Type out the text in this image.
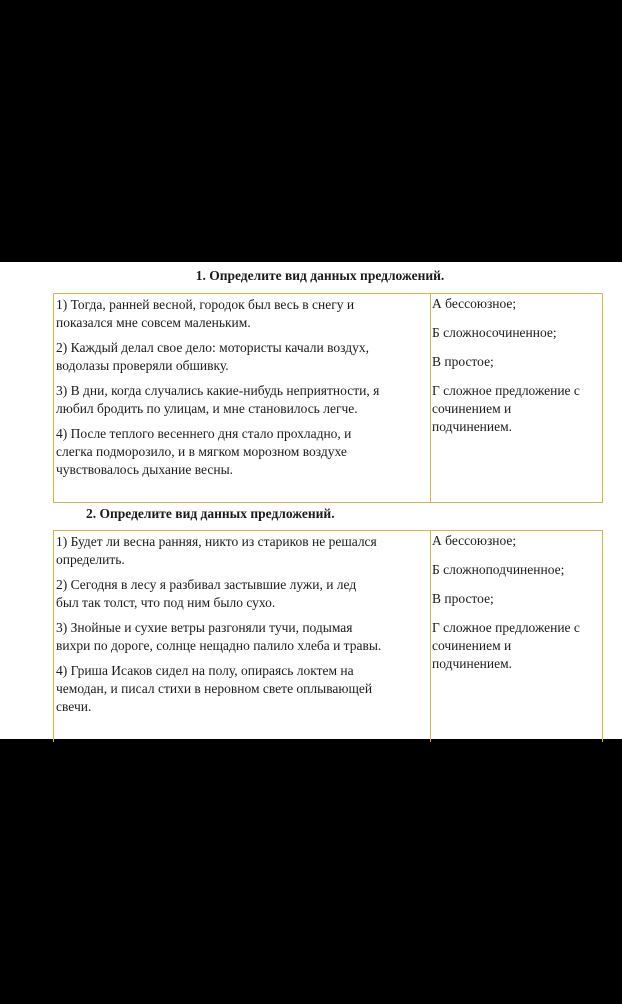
1. Определите вид данных предложений.
1) Тогда, ранней весной, городок был весь в снегу и
показался мне совсем маленьким.
2) Каждый делал свое дело: мотористы качали воздух,
водолазы проверяли обшивку.
3) В дни, когда случались какие-нибудь неприятности, я
любил бродить по улицам, и мне становилось легче.
4) После теплого весеннего дня стало прохладно, и
слегка подморозило, и в мягком морозном воздухе
чувствовалось дыхание весны.
А бессоюзное;
Б сложносочиненное;
В простое;
Г сложное предложение с
сочинением и
подчинением.
2. Определите вид данных предложений.
1) Будет ли весна ранняя, никто из стариков не решался
определить.
2) Сегодня в лесу я разбивал застывшие лужи, и лед
был так толст, что под ним было сухо.
3) Знойные и сухие ветры разгоняли тучи, подымая
вихри по дороге, солнце нещадно палило хлеба и травы.
4) Гриша Исаков сидел на полу, опираясь локтем на
чемодан, и писал стихи в неровном свете оплывающей
свечи.
А бессоюзное;
Б сложноподчиненное;
В простое;
Г сложное предложение с
сочинением и
подчинением.
